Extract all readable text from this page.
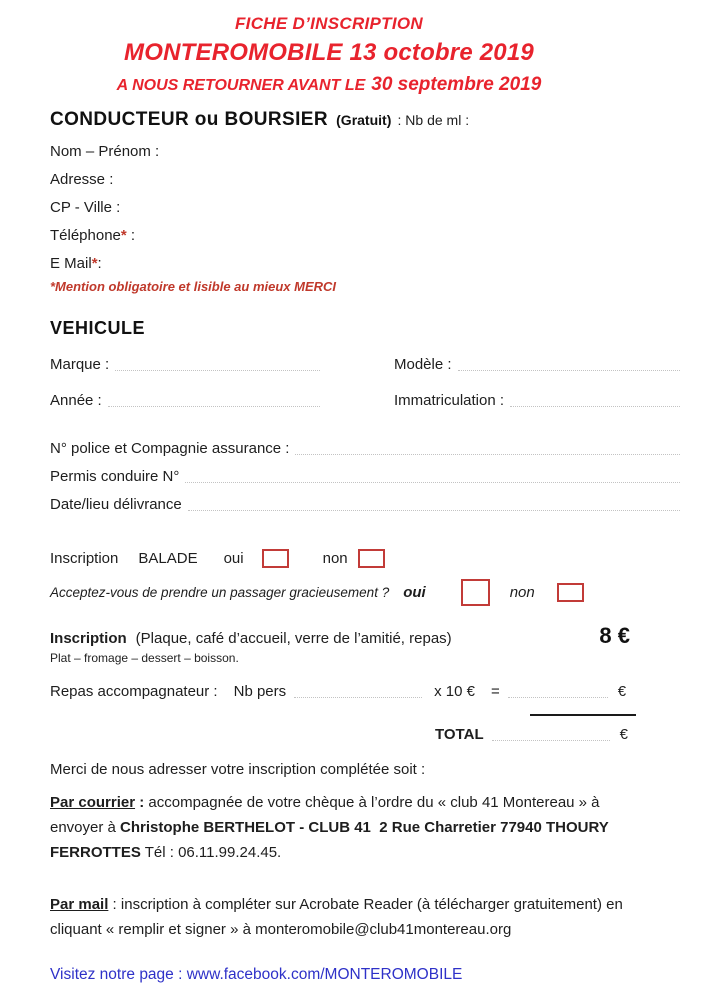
FICHE D’INSCRIPTION
MONTEROMOBILE 13 octobre 2019
A NOUS RETOURNER AVANT LE 30 septembre 2019
CONDUCTEUR ou BOURSIER (Gratuit) : Nb de ml :
Nom – Prénom :
Adresse :
CP - Ville :
Téléphone* :
E Mail*:
*Mention obligatoire et lisible au mieux MERCI
VEHICULE
Marque :	Modèle :
Année :	Immatriculation :
N° police et Compagnie assurance :
Permis conduire N°
Date/lieu délivrance
Inscription BALADE oui	non
Acceptez-vous de prendre un passager gracieusement ? oui	non
Inscription (Plaque, café d’accueil, verre de l’amitié, repas)	8 €
Plat – fromage – dessert – boisson.
Repas accompagnateur : Nb pers	x 10 € =	€
TOTAL	€
Merci de nous adresser votre inscription complétée soit :

Par courrier : accompagnée de votre chèque à l’ordre du « club 41 Montereau » à envoyer à Christophe BERTHELOT - CLUB 41  2 Rue Charretier 77940 THOURY FERROTTES Tél : 06.11.99.24.45.

Par mail : inscription à compléter sur Acrobate Reader (à télécharger gratuitement) en cliquant « remplir et signer » à monteromobile@club41montereau.org

Visitez notre page : www.facebook.com/MONTEROMOBILE
